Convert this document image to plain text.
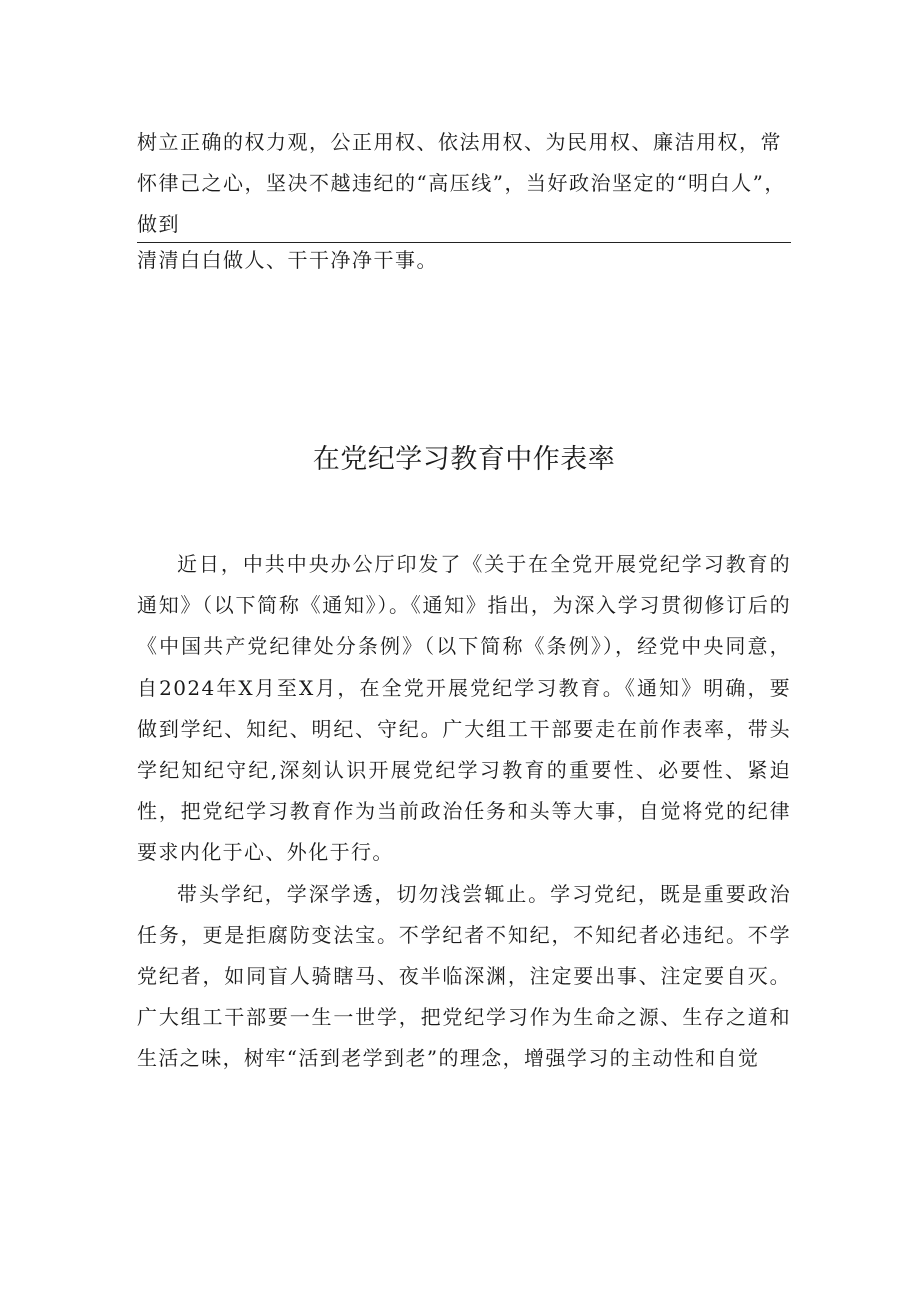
树立正确的权力观，公正用权、依法用权、为民用权、廉洁用权，常怀律己之心，坚决不越违纪的“高压线”，当好政治坚定的“明白人”，做到

清清白白做人、干干净净干事。

在党纪学习教育中作表率

近日，中共中央办公厅印发了《关于在全党开展党纪学习教育的通知》（以下简称《通知》）。《通知》指出，为深入学习贯彻修订后的《中国共产党纪律处分条例》（以下简称《条例》），经党中央同意，自2024年X月至X月，在全党开展党纪学习教育。《通知》明确，要做到学纪、知纪、明纪、守纪。广大组工干部要走在前作表率，带头学纪知纪守纪,深刻认识开展党纪学习教育的重要性、必要性、紧迫性，把党纪学习教育作为当前政治任务和头等大事，自觉将党的纪律要求内化于心、外化于行。

带头学纪，学深学透，切勿浅尝辄止。学习党纪，既是重要政治任务，更是拒腐防变法宝。不学纪者不知纪，不知纪者必违纪。不学党纪者，如同盲人骑瞎马、夜半临深渊，注定要出事、注定要自灭。广大组工干部要一生一世学，把党纪学习作为生命之源、生存之道和生活之味，树牢“活到老学到老”的理念，增强学习的主动性和自觉
